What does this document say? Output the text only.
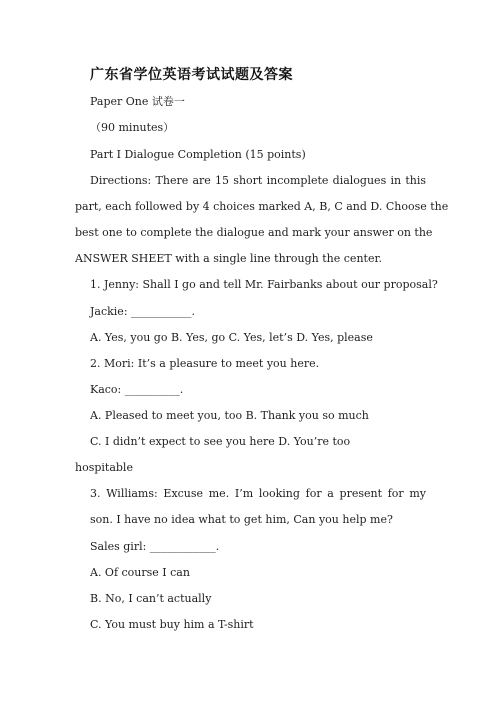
广东省学位英语考试试题及答案
Paper One 试卷一
（90 minutes）
Part I Dialogue Completion (15 points)
Directions: There are 15 short incomplete dialogues in this
part, each followed by 4 choices marked A, B, C and D. Choose the
best one to complete the dialogue and mark your answer on the
ANSWER SHEET with a single line through the center.
1. Jenny: Shall I go and tell Mr. Fairbanks about our proposal?
Jackie: ___________.
A. Yes, you go B. Yes, go C. Yes, let’s D. Yes, please
2. Mori: It’s a pleasure to meet you here.
Kaco: __________.
A. Pleased to meet you, too B. Thank you so much
C. I didn’t expect to see you here D. You’re too
hospitable
3. Williams: Excuse me. I’m looking for a present for my
son. I have no idea what to get him, Can you help me?
Sales girl: ____________.
A. Of course I can
B. No, I can’t actually
C. You must buy him a T-shirt
